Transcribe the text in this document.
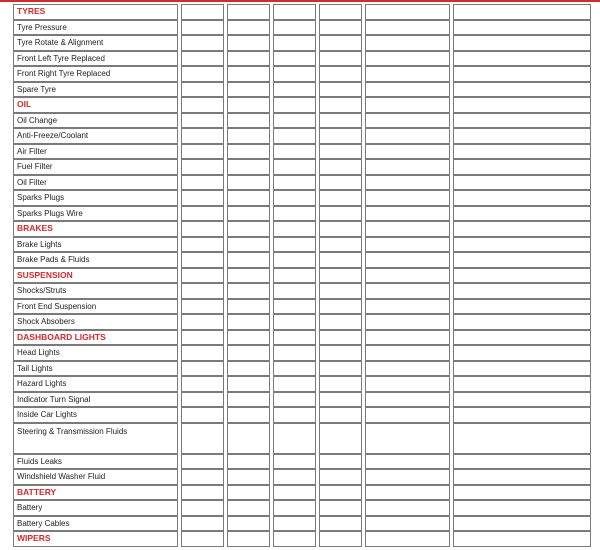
TYRES
Tyre Pressure
Tyre Rotate & Alignment
Front Left Tyre Replaced
Front Right Tyre Replaced
Spare Tyre
OIL
Oil Change
Anti-Freeze/Coolant
Air Filter
Fuel Filter
Oil Filter
Sparks Plugs
Sparks Plugs Wire
BRAKES
Brake Lights
Brake Pads & Fluids
SUSPENSION
Shocks/Struts
Front End Suspension
Shock Absobers
DASHBOARD LIGHTS
Head Lights
Tail Lights
Hazard Lights
Indicator Turn Signal
Inside Car Lights
Steering & Transmission Fluids
Fluids Leaks
Windshield Washer Fluid
BATTERY
Battery
Battery Cables
WIPERS
